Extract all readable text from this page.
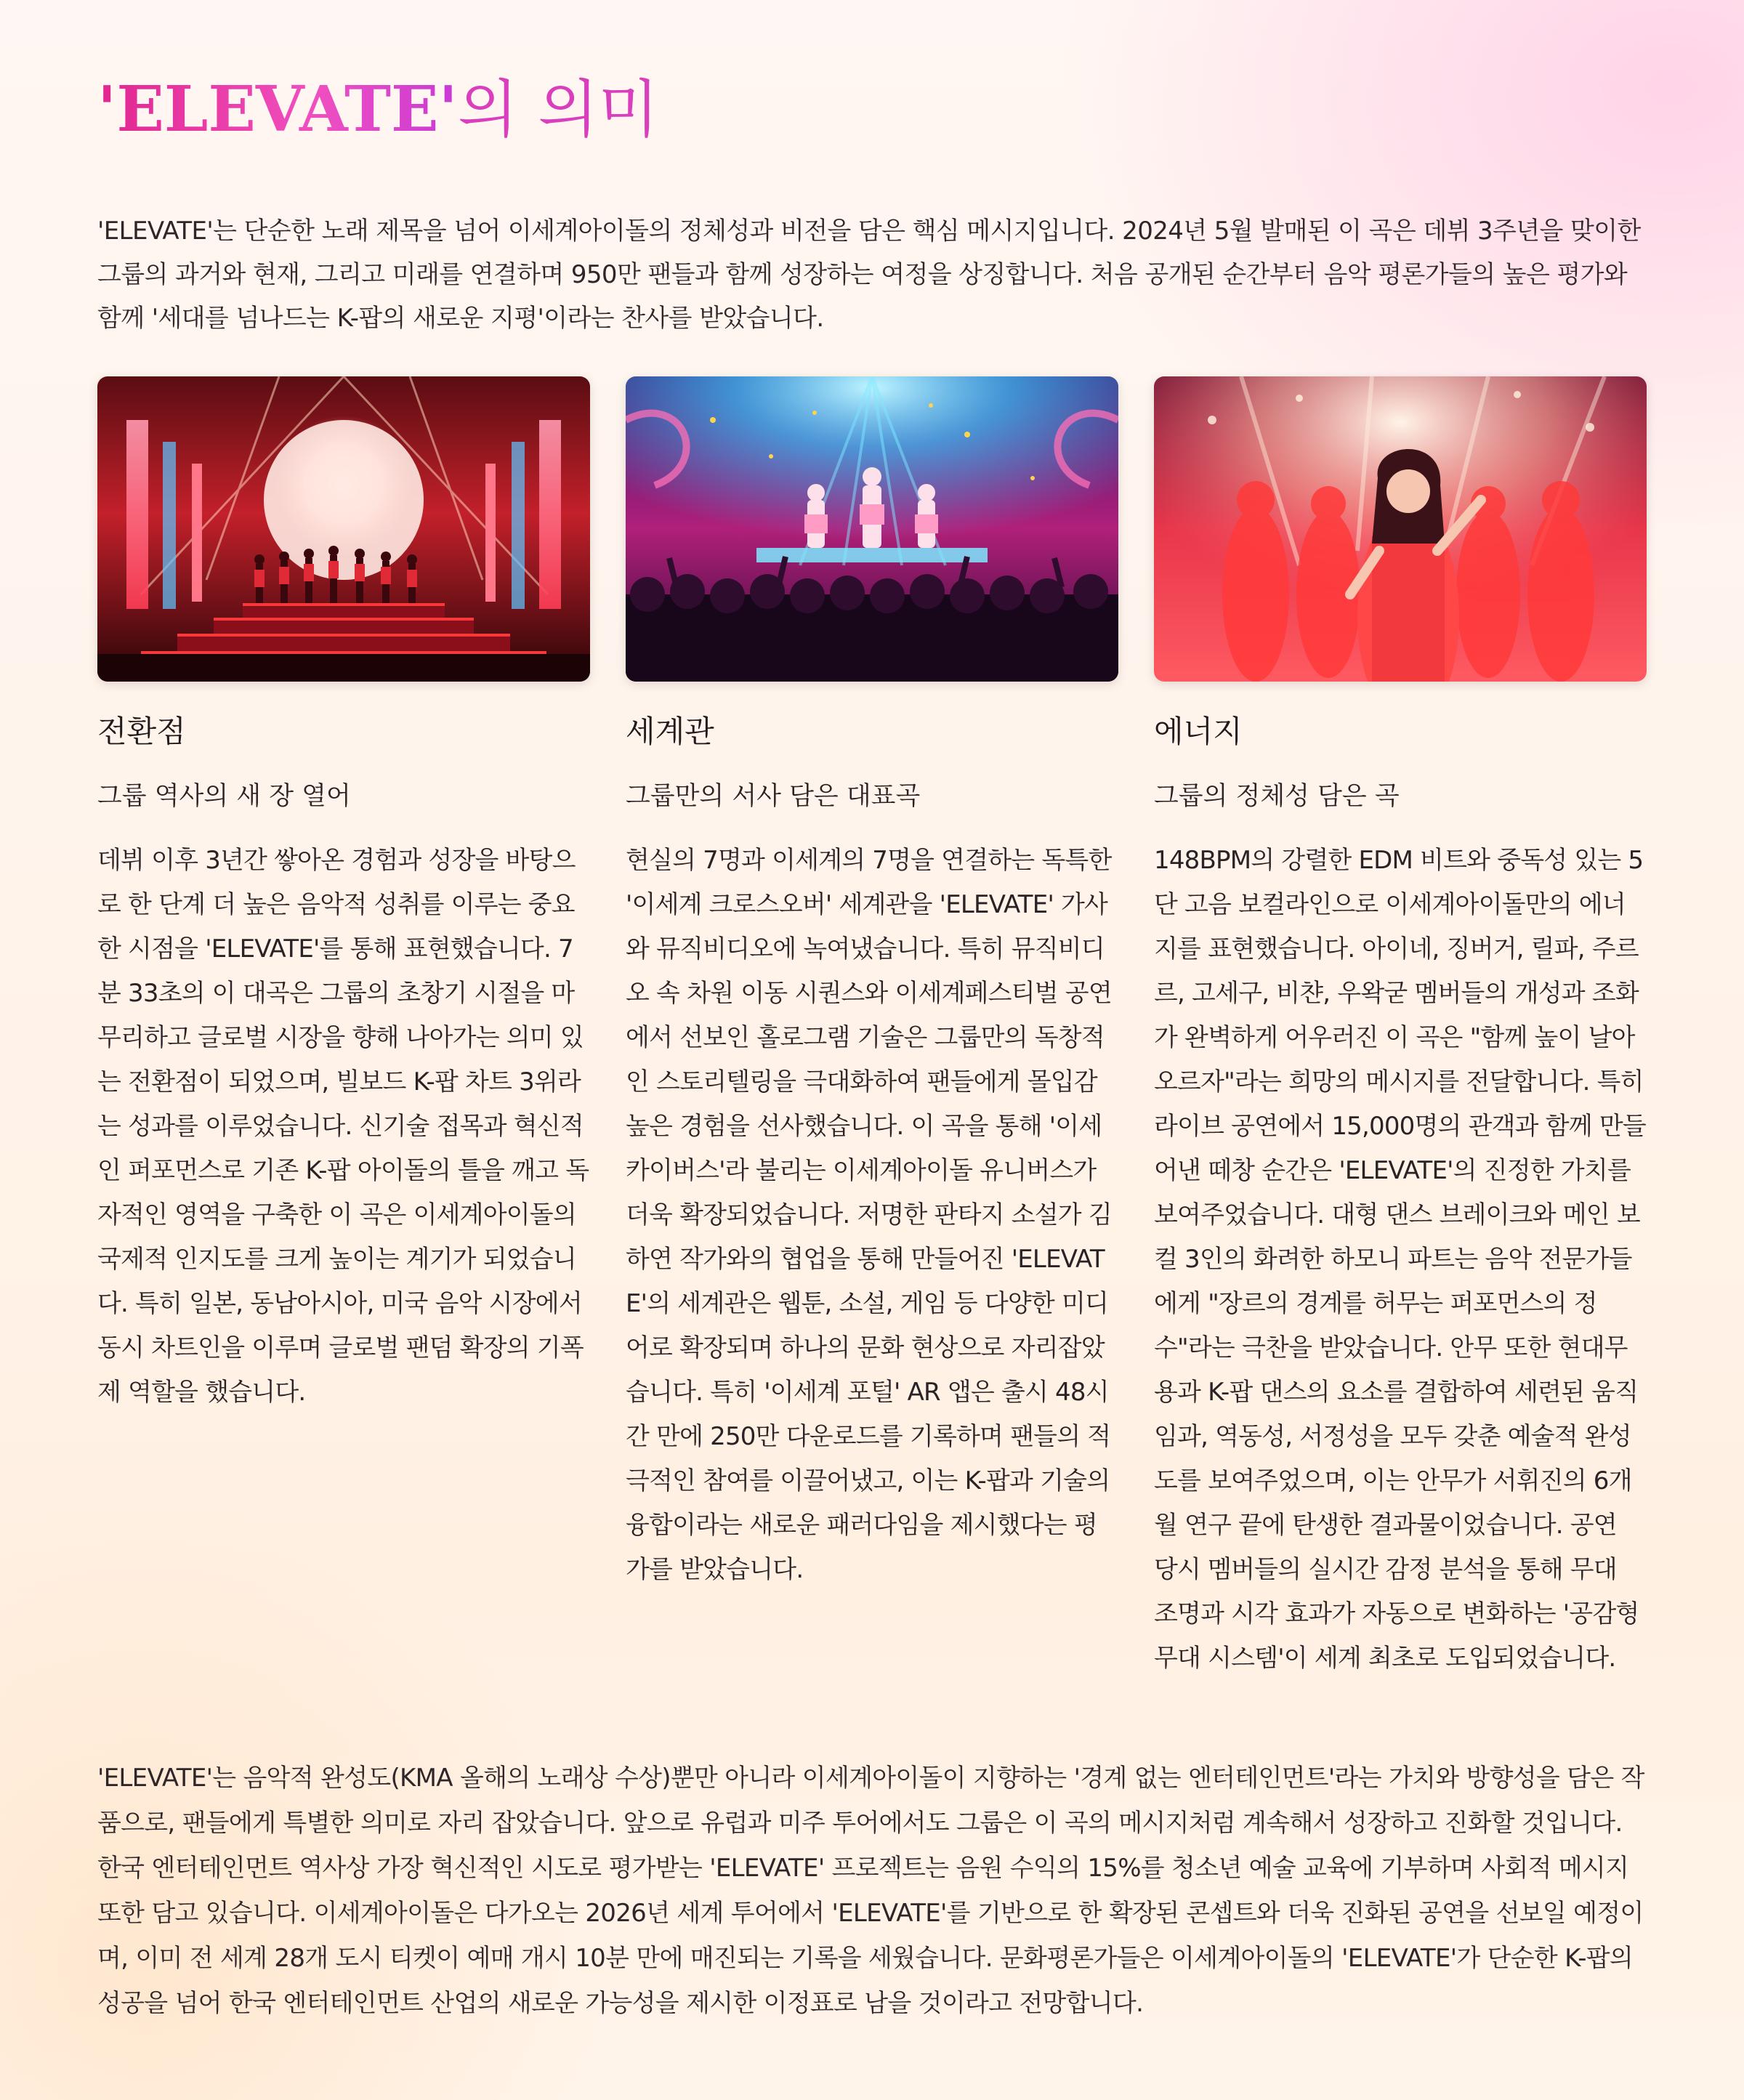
'ELEVATE'의 의미

'ELEVATE'는 단순한 노래 제목을 넘어 이세계아이돌의 정체성과 비전을 담은 핵심 메시지입니다. 2024년 5월 발매된 이 곡은 데뷔 3주년을 맞이한 그룹의 과거와 현재, 그리고 미래를 연결하며 950만 팬들과 함께 성장하는 여정을 상징합니다. 처음 공개된 순간부터 음악 평론가들의 높은 평가와 함께 '세대를 넘나드는 K-팝의 새로운 지평'이라는 찬사를 받았습니다.

전환점

그룹 역사의 새 장 열어

데뷔 이후 3년간 쌓아온 경험과 성장을 바탕으로 한 단계 더 높은 음악적 성취를 이루는 중요한 시점을 'ELEVATE'를 통해 표현했습니다. 7분 33초의 이 대곡은 그룹의 초창기 시절을 마무리하고 글로벌 시장을 향해 나아가는 의미 있는 전환점이 되었으며, 빌보드 K-팝 차트 3위라는 성과를 이루었습니다. 신기술 접목과 혁신적인 퍼포먼스로 기존 K-팝 아이돌의 틀을 깨고 독자적인 영역을 구축한 이 곡은 이세계아이돌의 국제적 인지도를 크게 높이는 계기가 되었습니다. 특히 일본, 동남아시아, 미국 음악 시장에서 동시 차트인을 이루며 글로벌 팬덤 확장의 기폭제 역할을 했습니다.

세계관

그룹만의 서사 담은 대표곡

현실의 7명과 이세계의 7명을 연결하는 독특한 '이세계 크로스오버' 세계관을 'ELEVATE' 가사와 뮤직비디오에 녹여냈습니다. 특히 뮤직비디오 속 차원 이동 시퀀스와 이세계페스티벌 공연에서 선보인 홀로그램 기술은 그룹만의 독창적인 스토리텔링을 극대화하여 팬들에게 몰입감 높은 경험을 선사했습니다. 이 곡을 통해 '이세카이버스'라 불리는 이세계아이돌 유니버스가 더욱 확장되었습니다. 저명한 판타지 소설가 김하연 작가와의 협업을 통해 만들어진 'ELEVATE'의 세계관은 웹툰, 소설, 게임 등 다양한 미디어로 확장되며 하나의 문화 현상으로 자리잡았습니다. 특히 '이세계 포털' AR 앱은 출시 48시간 만에 250만 다운로드를 기록하며 팬들의 적극적인 참여를 이끌어냈고, 이는 K-팝과 기술의 융합이라는 새로운 패러다임을 제시했다는 평가를 받았습니다.

에너지

그룹의 정체성 담은 곡

148BPM의 강렬한 EDM 비트와 중독성 있는 5단 고음 보컬라인으로 이세계아이돌만의 에너지를 표현했습니다. 아이네, 징버거, 릴파, 주르르, 고세구, 비챤, 우왁굳 멤버들의 개성과 조화가 완벽하게 어우러진 이 곡은 "함께 높이 날아오르자"라는 희망의 메시지를 전달합니다. 특히 라이브 공연에서 15,000명의 관객과 함께 만들어낸 떼창 순간은 'ELEVATE'의 진정한 가치를 보여주었습니다. 대형 댄스 브레이크와 메인 보컬 3인의 화려한 하모니 파트는 음악 전문가들에게 "장르의 경계를 허무는 퍼포먼스의 정수"라는 극찬을 받았습니다. 안무 또한 현대무용과 K-팝 댄스의 요소를 결합하여 세련된 움직임과, 역동성, 서정성을 모두 갖춘 예술적 완성도를 보여주었으며, 이는 안무가 서휘진의 6개월 연구 끝에 탄생한 결과물이었습니다. 공연 당시 멤버들의 실시간 감정 분석을 통해 무대 조명과 시각 효과가 자동으로 변화하는 '공감형 무대 시스템'이 세계 최초로 도입되었습니다.

'ELEVATE'는 음악적 완성도(KMA 올해의 노래상 수상)뿐만 아니라 이세계아이돌이 지향하는 '경계 없는 엔터테인먼트'라는 가치와 방향성을 담은 작품으로, 팬들에게 특별한 의미로 자리 잡았습니다. 앞으로 유럽과 미주 투어에서도 그룹은 이 곡의 메시지처럼 계속해서 성장하고 진화할 것입니다. 한국 엔터테인먼트 역사상 가장 혁신적인 시도로 평가받는 'ELEVATE' 프로젝트는 음원 수익의 15%를 청소년 예술 교육에 기부하며 사회적 메시지 또한 담고 있습니다. 이세계아이돌은 다가오는 2026년 세계 투어에서 'ELEVATE'를 기반으로 한 확장된 콘셉트와 더욱 진화된 공연을 선보일 예정이며, 이미 전 세계 28개 도시 티켓이 예매 개시 10분 만에 매진되는 기록을 세웠습니다. 문화평론가들은 이세계아이돌의 'ELEVATE'가 단순한 K-팝의 성공을 넘어 한국 엔터테인먼트 산업의 새로운 가능성을 제시한 이정표로 남을 것이라고 전망합니다.
